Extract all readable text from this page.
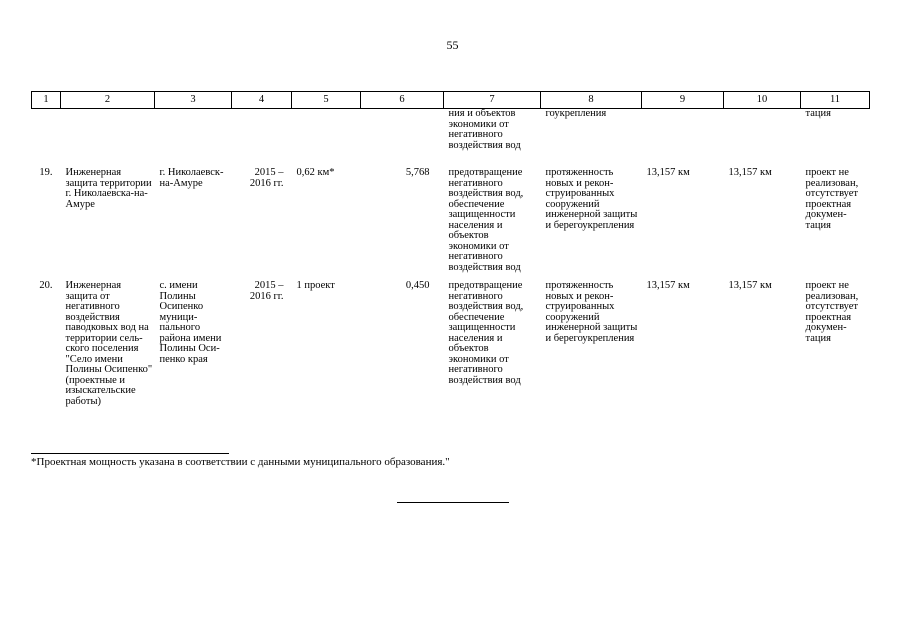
55
1	2	3	4	5	6	7	8	9	10	11
						ния и объектов экономики от негативного воздействия вод	гоукрепления			тация

19.	Инженерная защита территории г. Николаевска-на-Амуре	г. Николаевск-на-Амуре	2015 – 2016 гг.	0,62 км*	5,768	предотвращение негативного воздействия вод, обеспечение защищенности населения и объектов экономики от негативного воздействия вод	протяженность новых и реконструированных сооружений инженерной защиты и берегоукрепления	13,157 км	13,157 км	проект не реализован, отсутствует проектная документация

20.	Инженерная защита от негативного воздействия паводковых вод на территории сельского поселения "Село имени Полины Осипенко" (проектные и изыскательские работы)	с. имени Полины Осипенко муниципального района имени Полины Осипенко края	2015 – 2016 гг.	1 проект	0,450	предотвращение негативного воздействия вод, обеспечение защищенности населения и объектов экономики от негативного воздействия вод	протяженность новых и реконструированных сооружений инженерной защиты и берегоукрепления	13,157 км	13,157 км	проект не реализован, отсутствует проектная документация
*Проектная мощность указана в соответствии с данными муниципального образования."
